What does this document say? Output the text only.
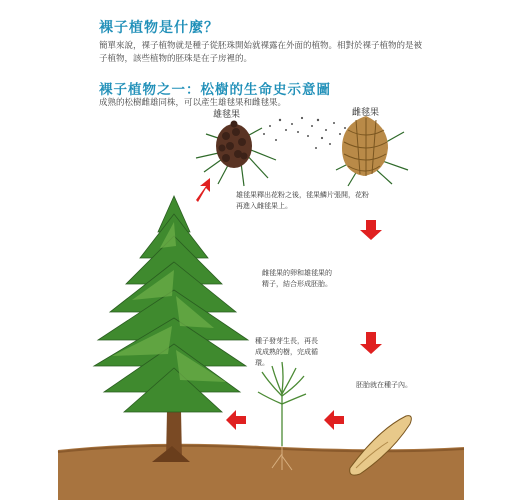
裸子植物是什麼？
簡單來說，裸子植物就是種子從胚珠開始就裸露在外面的植物。相對於裸子植物的是被子植物，該些植物的胚珠是在子房裡的。
裸子植物之一：松樹的生命史示意圖
成熟的松樹雌雄同株，可以產生雄毬果和雌毬果。
雄毬果	雌毬果
雄毬果釋出花粉之後，毬果鱗片張開，花粉再進入雌毬果上。
雌毬果的卵和雄毬果的精子，結合形成胚胎。
種子發芽生長，再長成成熟的樹，完成循環。
胚胎就在種子內。
